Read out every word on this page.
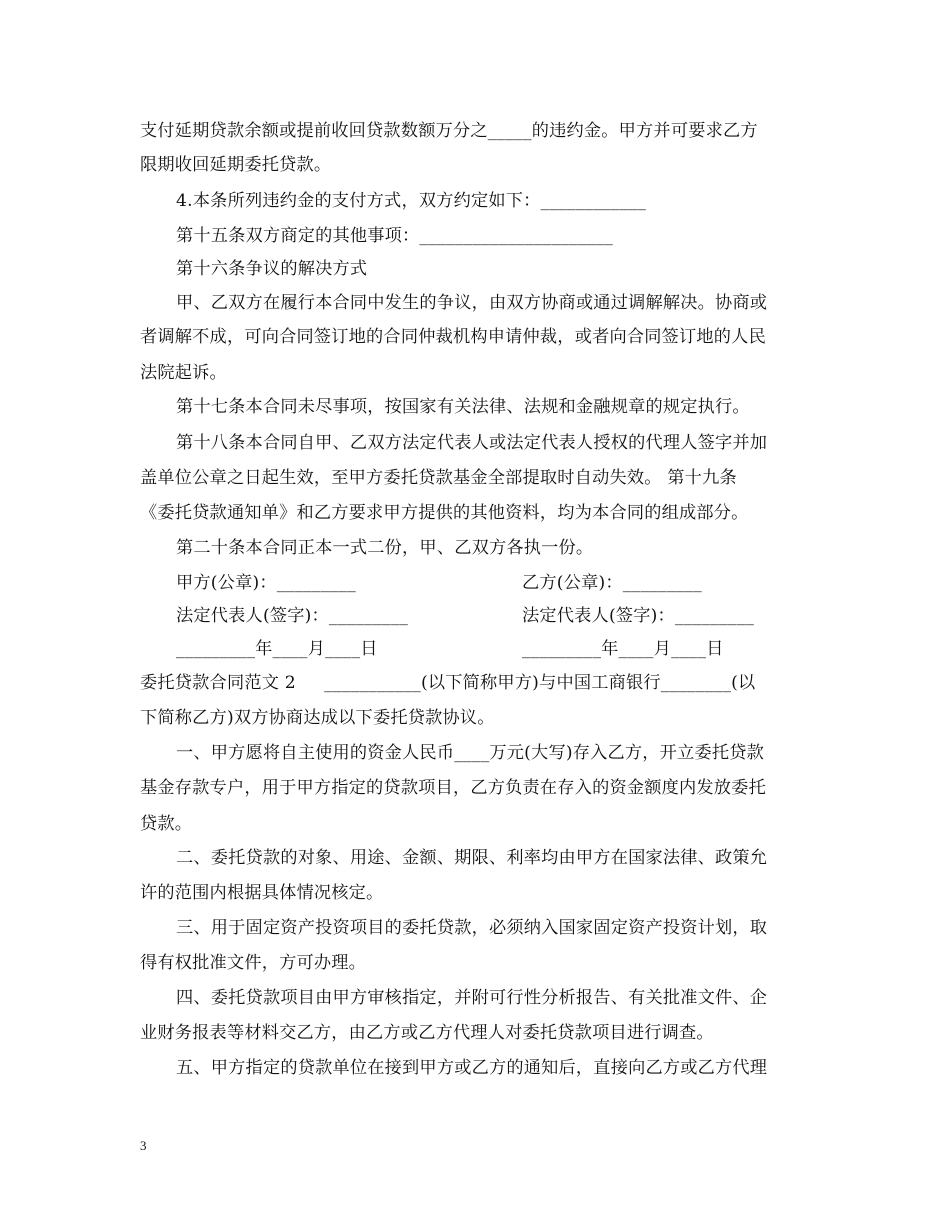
支付延期贷款余额或提前收回贷款数额万分之_____的违约金。甲方并可要求乙方
限期收回延期委托贷款。
4.本条所列违约金的支付方式，双方约定如下：____________
第十五条双方商定的其他事项：______________________
第十六条争议的解决方式
甲、乙双方在履行本合同中发生的争议，由双方协商或通过调解解决。协商或
者调解不成，可向合同签订地的合同仲裁机构申请仲裁，或者向合同签订地的人民
法院起诉。
第十七条本合同未尽事项，按国家有关法律、法规和金融规章的规定执行。
第十八条本合同自甲、乙双方法定代表人或法定代表人授权的代理人签字并加
盖单位公章之日起生效，至甲方委托贷款基金全部提取时自动失效。 第十九条
《委托贷款通知单》和乙方要求甲方提供的其他资料，均为本合同的组成部分。
第二十条本合同正本一式二份，甲、乙双方各执一份。
甲方(公章)：_________	乙方(公章)：_________
法定代表人(签字)：_________	法定代表人(签字)：_________
_________年____月____日	_________年____月____日
委托贷款合同范文 2     ___________(以下简称甲方)与中国工商银行________(以
下简称乙方)双方协商达成以下委托贷款协议。
一、甲方愿将自主使用的资金人民币____万元(大写)存入乙方，开立委托贷款
基金存款专户，用于甲方指定的贷款项目，乙方负责在存入的资金额度内发放委托
贷款。
二、委托贷款的对象、用途、金额、期限、利率均由甲方在国家法律、政策允
许的范围内根据具体情况核定。
三、用于固定资产投资项目的委托贷款，必须纳入国家固定资产投资计划，取
得有权批准文件，方可办理。
四、委托贷款项目由甲方审核指定，并附可行性分析报告、有关批准文件、企
业财务报表等材料交乙方，由乙方或乙方代理人对委托贷款项目进行调查。
五、甲方指定的贷款单位在接到甲方或乙方的通知后，直接向乙方或乙方代理
3
